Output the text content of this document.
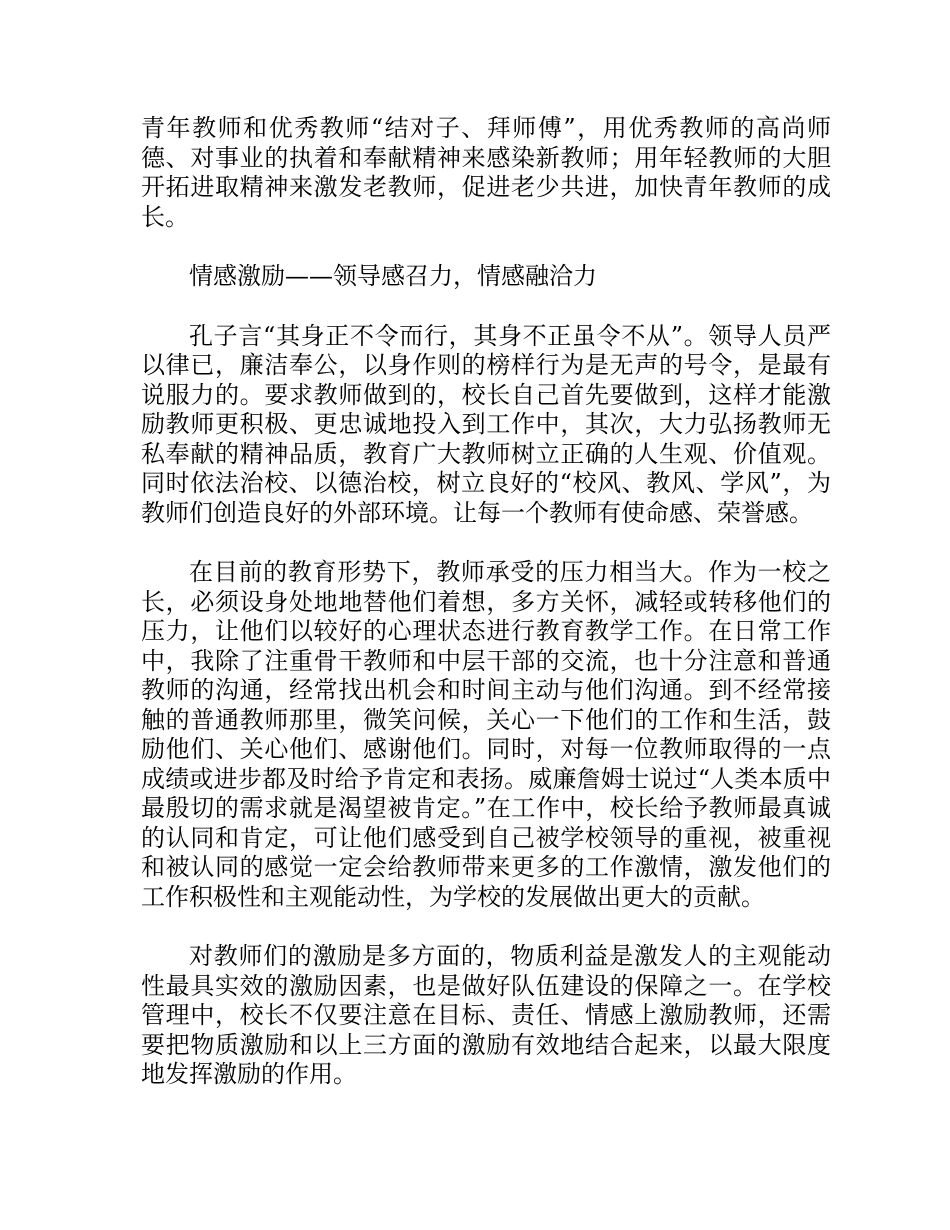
青年教师和优秀教师“结对子、拜师傅”，用优秀教师的高尚师德、对事业的执着和奉献精神来感染新教师；用年轻教师的大胆开拓进取精神来激发老教师，促进老少共进，加快青年教师的成长。

情感激励——领导感召力，情感融洽力

孔子言“其身正不令而行，其身不正虽令不从”。领导人员严以律已，廉洁奉公，以身作则的榜样行为是无声的号令，是最有说服力的。要求教师做到的，校长自己首先要做到，这样才能激励教师更积极、更忠诚地投入到工作中，其次，大力弘扬教师无私奉献的精神品质，教育广大教师树立正确的人生观、价值观。同时依法治校、以德治校，树立良好的“校风、教风、学风”，为教师们创造良好的外部环境。让每一个教师有使命感、荣誉感。

在目前的教育形势下，教师承受的压力相当大。作为一校之长，必须设身处地地替他们着想，多方关怀，减轻或转移他们的压力，让他们以较好的心理状态进行教育教学工作。在日常工作中，我除了注重骨干教师和中层干部的交流，也十分注意和普通教师的沟通，经常找出机会和时间主动与他们沟通。到不经常接触的普通教师那里，微笑问候，关心一下他们的工作和生活，鼓励他们、关心他们、感谢他们。同时，对每一位教师取得的一点成绩或进步都及时给予肯定和表扬。威廉詹姆士说过“人类本质中最殷切的需求就是渴望被肯定。”在工作中，校长给予教师最真诚的认同和肯定，可让他们感受到自己被学校领导的重视，被重视和被认同的感觉一定会给教师带来更多的工作激情，激发他们的工作积极性和主观能动性，为学校的发展做出更大的贡献。

对教师们的激励是多方面的，物质利益是激发人的主观能动性最具实效的激励因素，也是做好队伍建设的保障之一。在学校管理中，校长不仅要注意在目标、责任、情感上激励教师，还需要把物质激励和以上三方面的激励有效地结合起来，以最大限度地发挥激励的作用。
